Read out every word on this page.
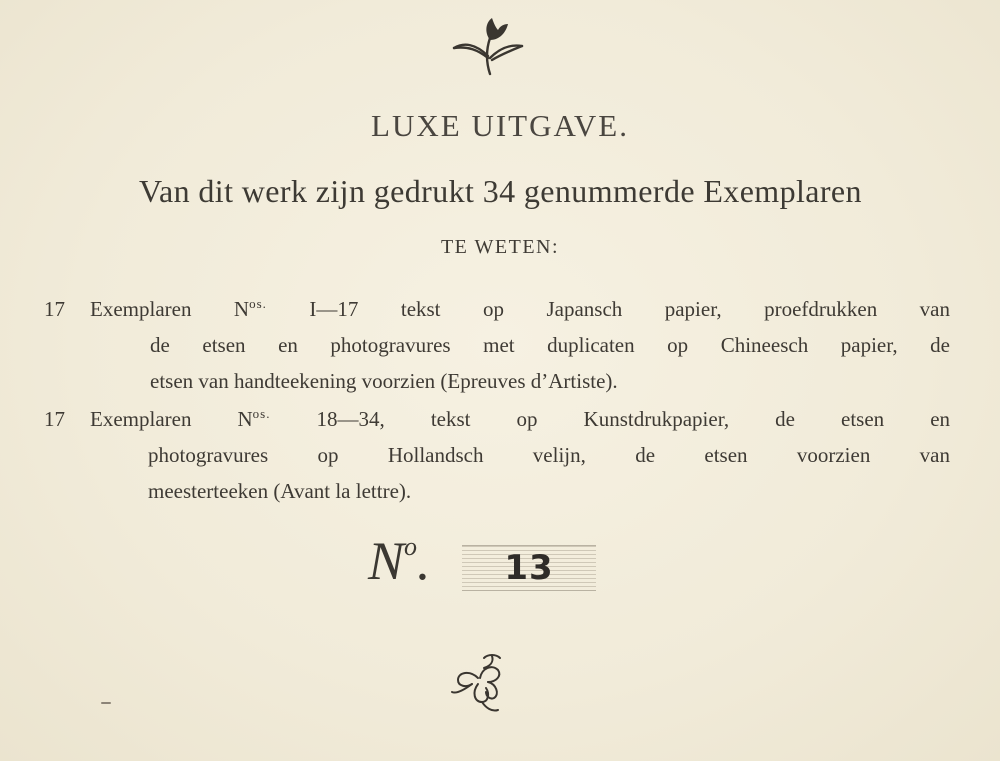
LUXE UITGAVE.
Van dit werk zijn gedrukt 34 genummerde Exemplaren
TE WETEN:
17 Exemplaren $N^{os.}$ I—17 tekst op Japansch papier, proefdrukken van
de etsen en photogravures met duplicaten op Chineesch papier, de
etsen van handteekening voorzien (Epreuves d’Artiste).
17 Exemplaren $N^{os.}$ 18—34, tekst op Kunstdrukpapier, de etsen en
photogravures op Hollandsch velijn, de etsen voorzien van
meesterteeken (Avant la lettre).
$N^o$.	13
